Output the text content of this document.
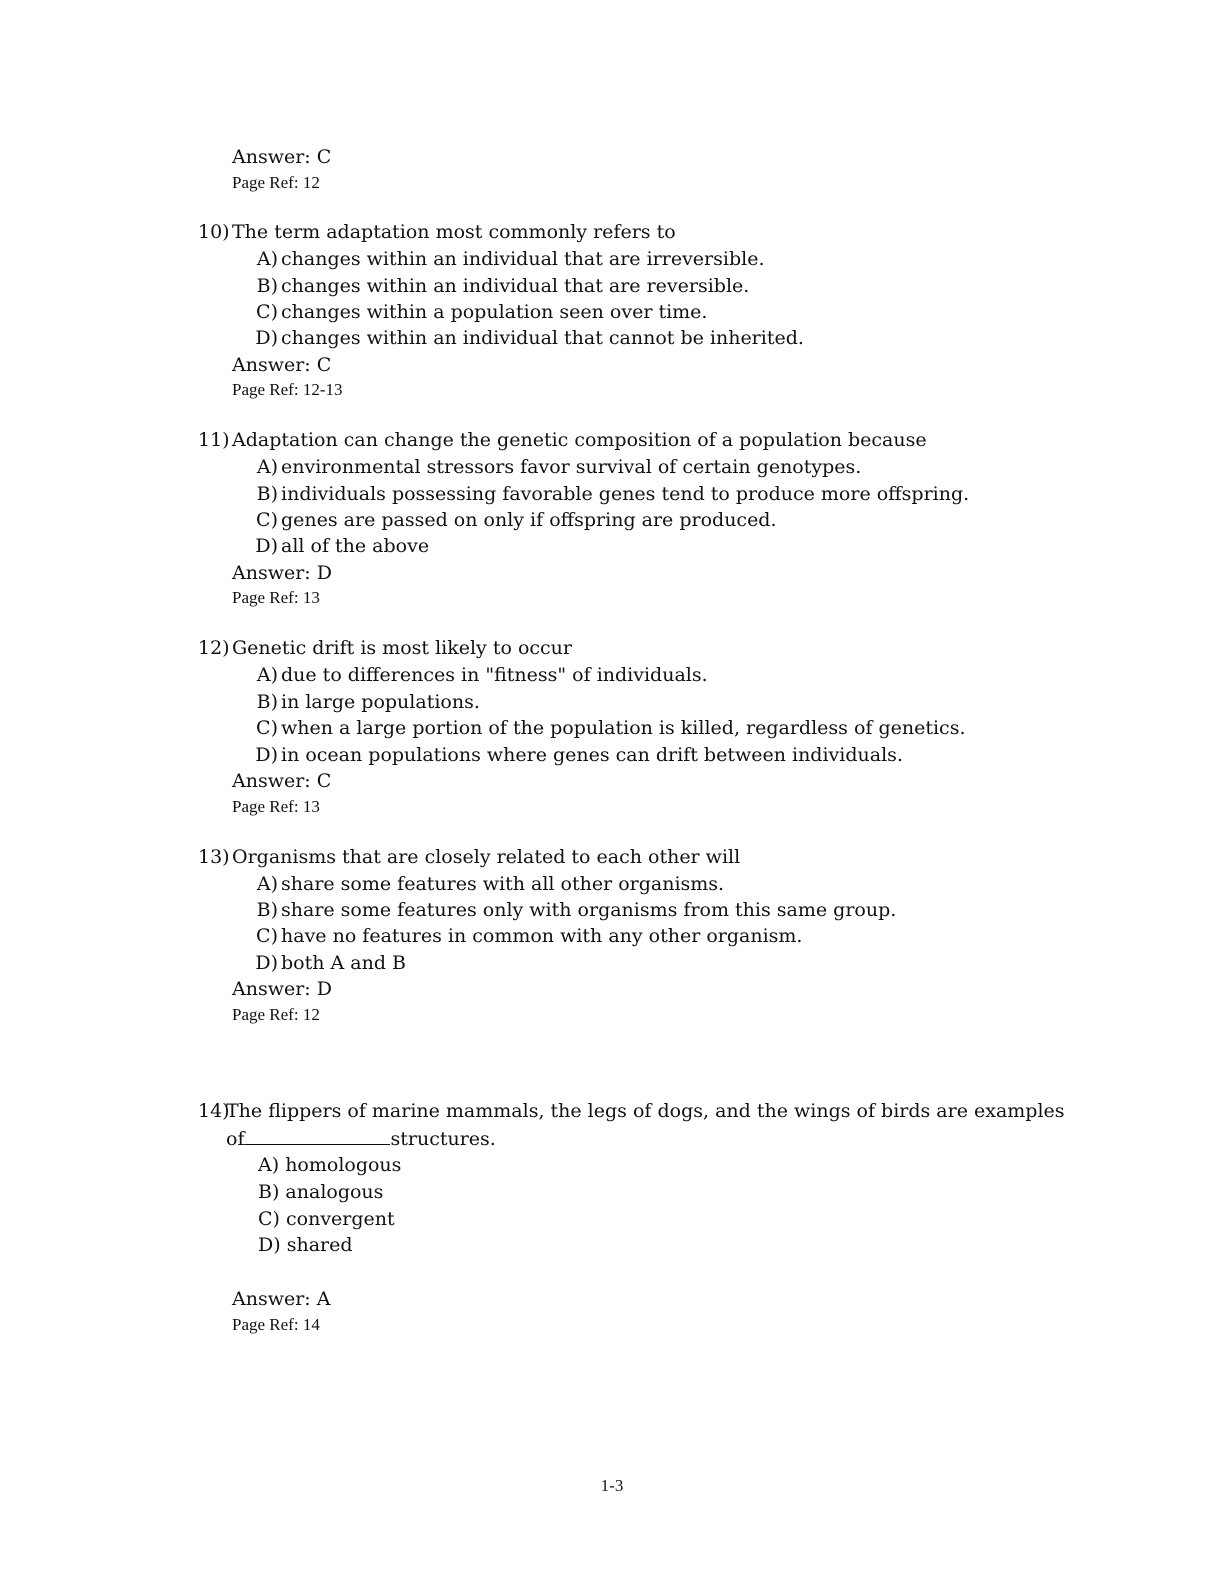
Answer: C
Page Ref: 12
10) The term adaptation most commonly refers to
A) changes within an individual that are irreversible.
B) changes within an individual that are reversible.
C) changes within a population seen over time.
D) changes within an individual that cannot be inherited.
Answer: C
Page Ref: 12-13
11) Adaptation can change the genetic composition of a population because
A) environmental stressors favor survival of certain genotypes.
B) individuals possessing favorable genes tend to produce more offspring.
C) genes are passed on only if offspring are produced.
D) all of the above
Answer: D
Page Ref: 13
12) Genetic drift is most likely to occur
A) due to differences in "fitness" of individuals.
B) in large populations.
C) when a large portion of the population is killed, regardless of genetics.
D) in ocean populations where genes can drift between individuals.
Answer: C
Page Ref: 13
13) Organisms that are closely related to each other will
A) share some features with all other organisms.
B) share some features only with organisms from this same group.
C) have no features in common with any other organism.
D) both A and B
Answer: D
Page Ref: 12
14)
The flippers of marine mammals, the legs of dogs, and the wings of birds are examples
of	structures.
A) homologous
B) analogous
C) convergent
D) shared
Answer: A
Page Ref: 14
1-3
